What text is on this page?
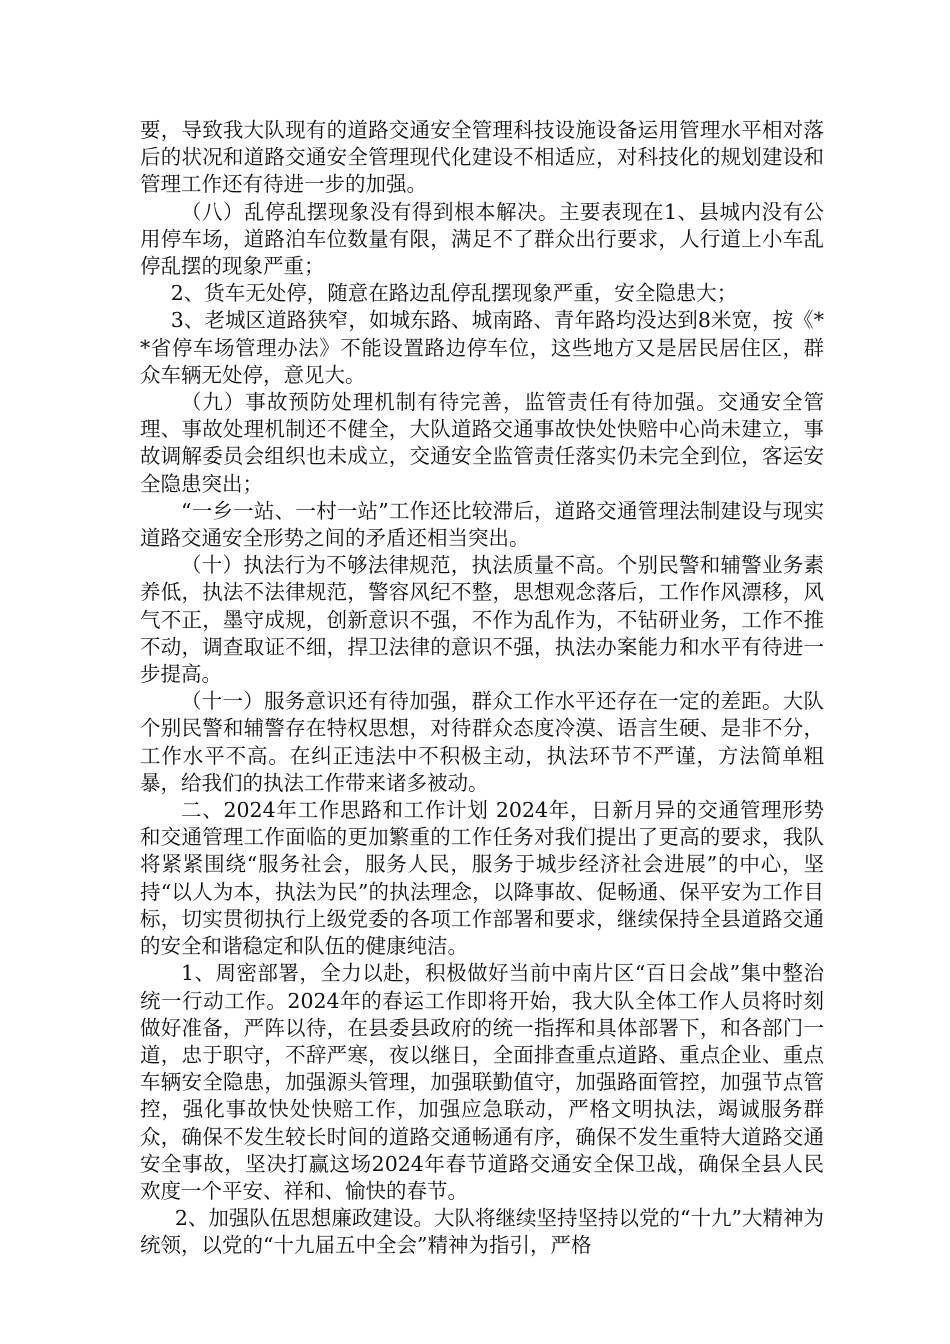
要，导致我大队现有的道路交通安全管理科技设施设备运用管理水平相对落后的状况和道路交通安全管理现代化建设不相适应，对科技化的规划建设和管理工作还有待进一步的加强。

（八）乱停乱摆现象没有得到根本解决。主要表现在1、县城内没有公用停车场，道路泊车位数量有限，满足不了群众出行要求，人行道上小车乱停乱摆的现象严重；

2、货车无处停，随意在路边乱停乱摆现象严重，安全隐患大；

3、老城区道路狭窄，如城东路、城南路、青年路均没达到8米宽，按《**省停车场管理办法》不能设置路边停车位，这些地方又是居民居住区，群众车辆无处停，意见大。

（九）事故预防处理机制有待完善，监管责任有待加强。交通安全管理、事故处理机制还不健全，大队道路交通事故快处快赔中心尚未建立，事故调解委员会组织也未成立，交通安全监管责任落实仍未完全到位，客运安全隐患突出；

“一乡一站、一村一站”工作还比较滞后，道路交通管理法制建设与现实道路交通安全形势之间的矛盾还相当突出。

（十）执法行为不够法律规范，执法质量不高。个别民警和辅警业务素养低，执法不法律规范，警容风纪不整，思想观念落后，工作作风漂移，风气不正，墨守成规，创新意识不强，不作为乱作为，不钻研业务，工作不推不动，调查取证不细，捍卫法律的意识不强，执法办案能力和水平有待进一步提高。

（十一）服务意识还有待加强，群众工作水平还存在一定的差距。大队个别民警和辅警存在特权思想，对待群众态度冷漠、语言生硬、是非不分，工作水平不高。在纠正违法中不积极主动，执法环节不严谨，方法简单粗暴，给我们的执法工作带来诸多被动。

二、2024年工作思路和工作计划 2024年，日新月异的交通管理形势和交通管理工作面临的更加繁重的工作任务对我们提出了更高的要求，我队将紧紧围绕“服务社会，服务人民，服务于城步经济社会进展”的中心，坚持“以人为本，执法为民”的执法理念，以降事故、促畅通、保平安为工作目标，切实贯彻执行上级党委的各项工作部署和要求，继续保持全县道路交通的安全和谐稳定和队伍的健康纯洁。

1、周密部署，全力以赴，积极做好当前中南片区“百日会战”集中整治统一行动工作。2024年的春运工作即将开始，我大队全体工作人员将时刻做好准备，严阵以待，在县委县政府的统一指挥和具体部署下，和各部门一道，忠于职守，不辞严寒，夜以继日，全面排查重点道路、重点企业、重点车辆安全隐患，加强源头管理，加强联勤值守，加强路面管控，加强节点管控，强化事故快处快赔工作，加强应急联动，严格文明执法，竭诚服务群众，确保不发生较长时间的道路交通畅通有序，确保不发生重特大道路交通安全事故，坚决打赢这场2024年春节道路交通安全保卫战，确保全县人民欢度一个平安、祥和、愉快的春节。

2、加强队伍思想廉政建设。大队将继续坚持坚持以党的“十九”大精神为统领，以党的“十九届五中全会”精神为指引，严格
